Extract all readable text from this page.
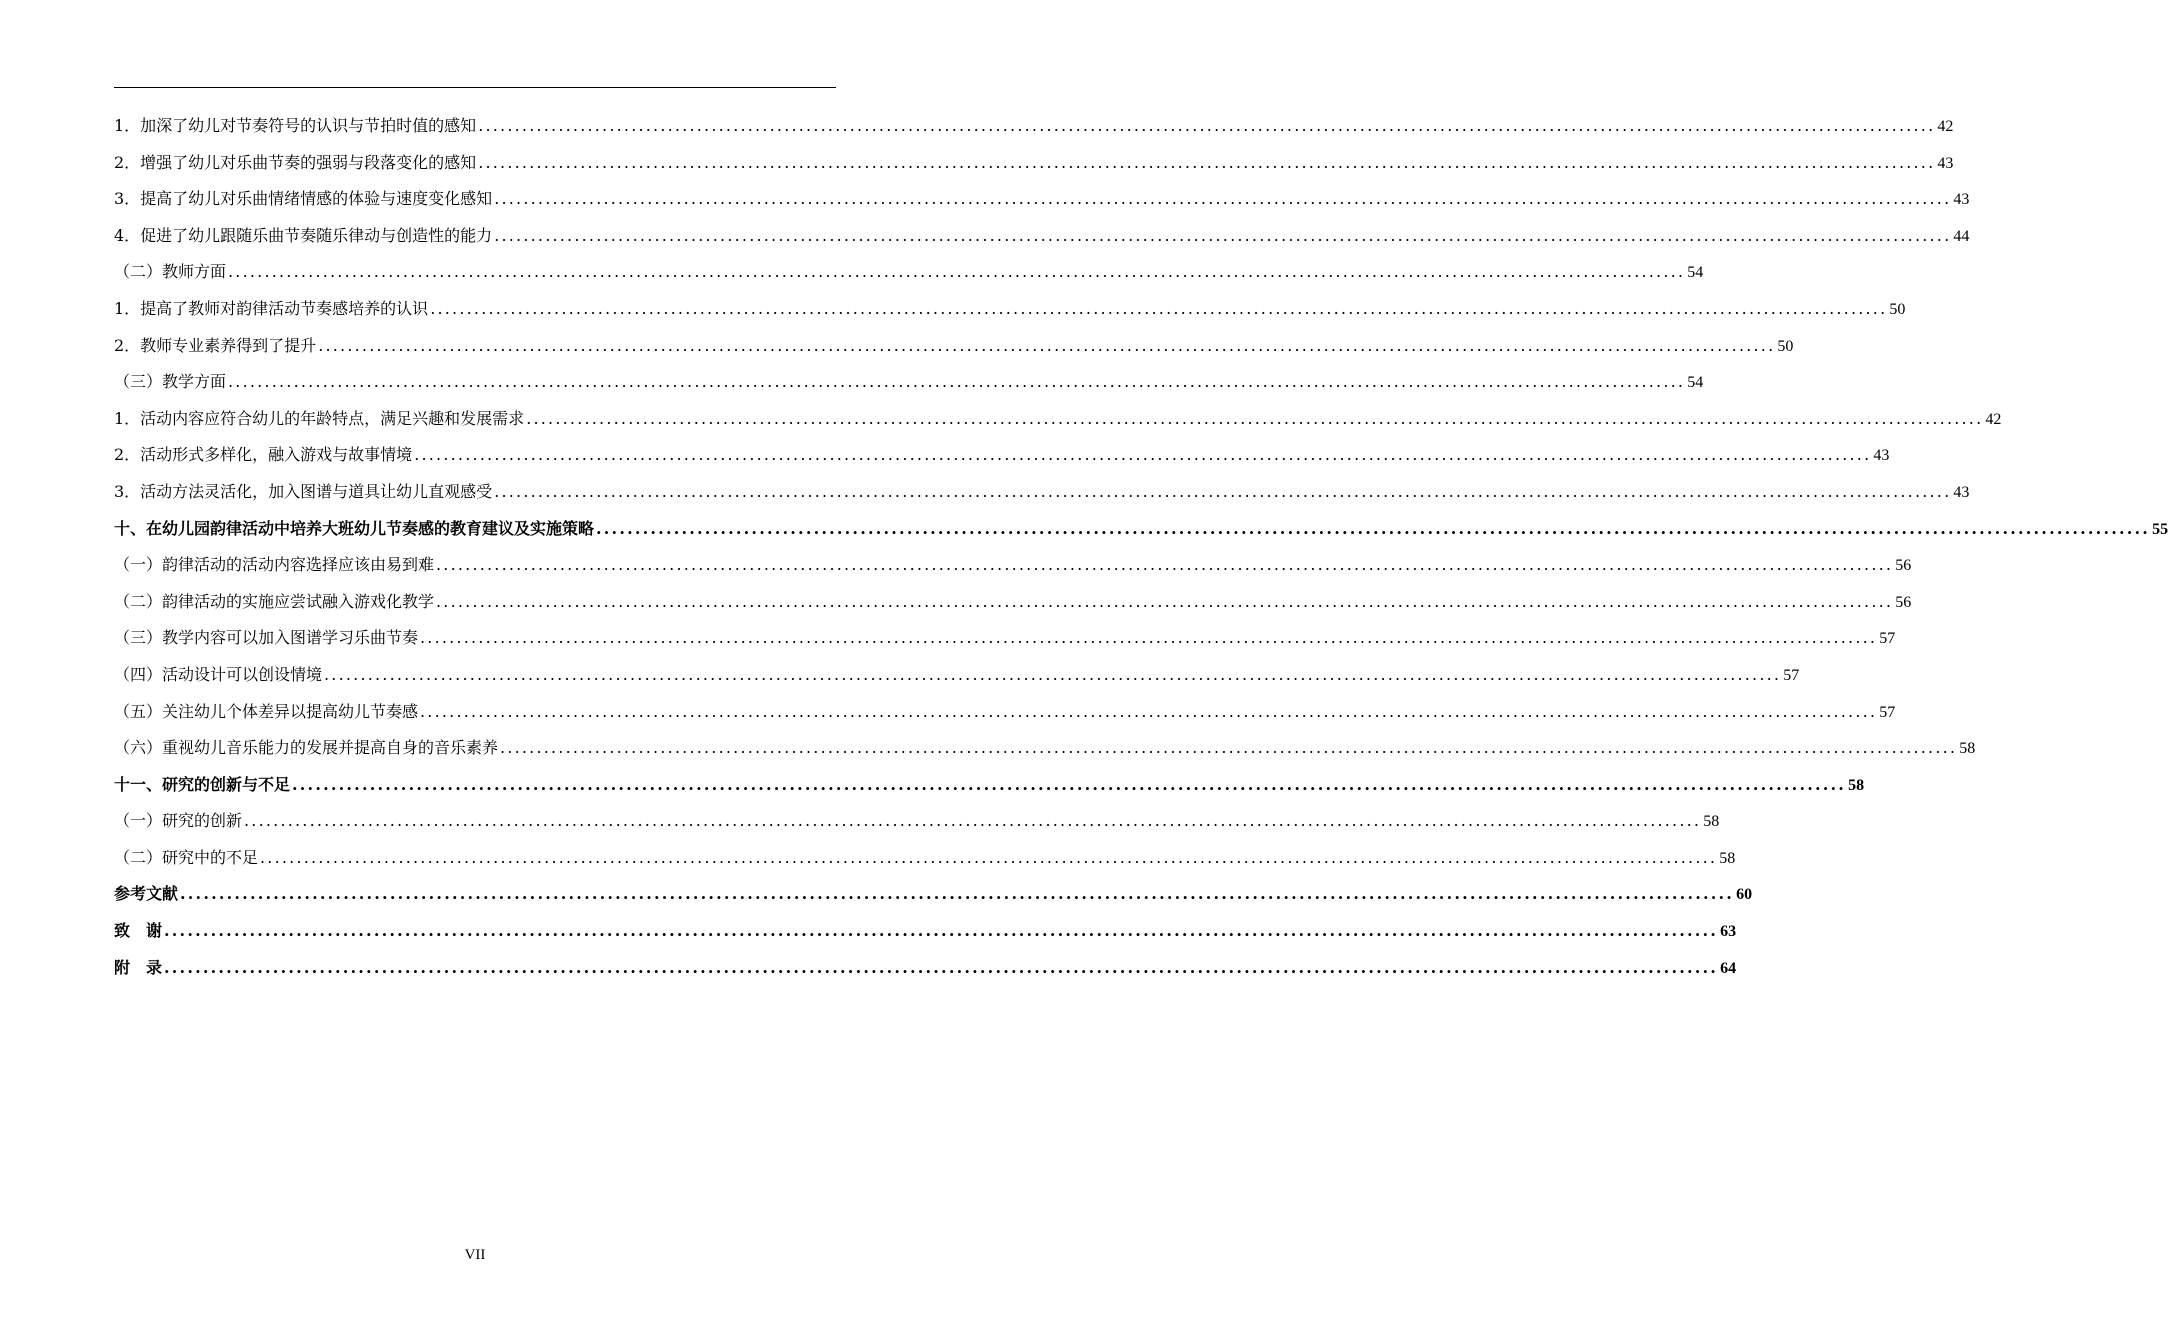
1．加深了幼儿对节奏符号的认识与节拍时值的感知 ........................................................................................................................................................................................................ 42
2．增强了幼儿对乐曲节奏的强弱与段落变化的感知 ........................................................................................................................................................................................................ 43
3．提高了幼儿对乐曲情绪情感的体验与速度变化感知 ........................................................................................................................................................................................................ 43
4．促进了幼儿跟随乐曲节奏随乐律动与创造性的能力 ........................................................................................................................................................................................................ 44
（二）教师方面 ........................................................................................................................................................................................................ 54
1．提高了教师对韵律活动节奏感培养的认识 ........................................................................................................................................................................................................ 50
2．教师专业素养得到了提升 ........................................................................................................................................................................................................ 50
（三）教学方面 ........................................................................................................................................................................................................ 54
1．活动内容应符合幼儿的年龄特点，满足兴趣和发展需求 ........................................................................................................................................................................................................ 42
2．活动形式多样化，融入游戏与故事情境 ........................................................................................................................................................................................................ 43
3．活动方法灵活化，加入图谱与道具让幼儿直观感受 ........................................................................................................................................................................................................ 43
十、在幼儿园韵律活动中培养大班幼儿节奏感的教育建议及实施策略 ........................................................................................................................................................................................................ 55
（一）韵律活动的活动内容选择应该由易到难 ........................................................................................................................................................................................................ 56
（二）韵律活动的实施应尝试融入游戏化教学 ........................................................................................................................................................................................................ 56
（三）教学内容可以加入图谱学习乐曲节奏 ........................................................................................................................................................................................................ 57
（四）活动设计可以创设情境 ........................................................................................................................................................................................................ 57
（五）关注幼儿个体差异以提高幼儿节奏感 ........................................................................................................................................................................................................ 57
（六）重视幼儿音乐能力的发展并提高自身的音乐素养 ........................................................................................................................................................................................................ 58
十一、研究的创新与不足 ........................................................................................................................................................................................................ 58
（一）研究的创新 ........................................................................................................................................................................................................ 58
（二）研究中的不足 ........................................................................................................................................................................................................ 58
参考文献 ........................................................................................................................................................................................................ 60
致　谢 ........................................................................................................................................................................................................ 63
附　录 ........................................................................................................................................................................................................ 64
VII
